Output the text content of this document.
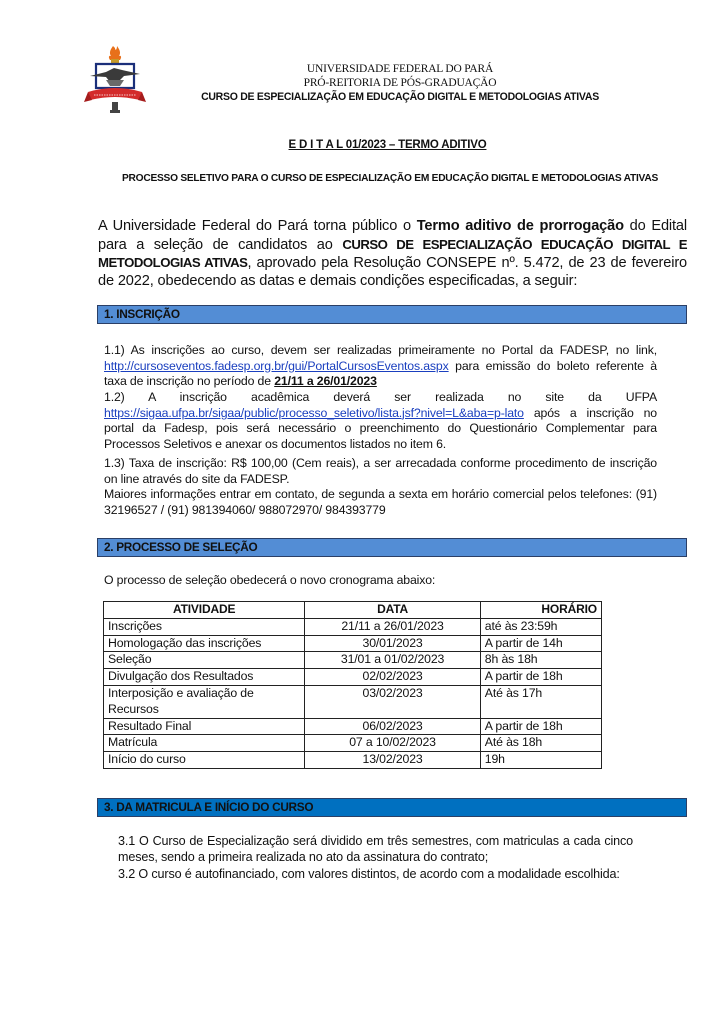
UNIVERSIDADE FEDERAL DO PARÁ
PRÓ-REITORIA DE PÓS-GRADUAÇÃO
CURSO DE ESPECIALIZAÇÃO EM EDUCAÇÃO DIGITAL E METODOLOGIAS ATIVAS
E D I T A L 01/2023 – TERMO ADITIVO
PROCESSO SELETIVO PARA O CURSO DE ESPECIALIZAÇÃO EM EDUCAÇÃO DIGITAL E METODOLOGIAS ATIVAS
A Universidade Federal do Pará torna público o Termo aditivo de prorrogação do Edital para a seleção de candidatos ao CURSO DE ESPECIALIZAÇÃO EDUCAÇÃO DIGITAL E METODOLOGIAS ATIVAS, aprovado pela Resolução CONSEPE nº. 5.472, de 23 de fevereiro de 2022, obedecendo as datas e demais condições especificadas, a seguir:
1. INSCRIÇÃO
1.1) As inscrições ao curso, devem ser realizadas primeiramente no Portal da FADESP, no link, http://cursoseventos.fadesp.org.br/gui/PortalCursosEventos.aspx para emissão do boleto referente à taxa de inscrição no período de 21/11 a 26/01/2023
1.2) A inscrição acadêmica deverá ser realizada no site da UFPA https://sigaa.ufpa.br/sigaa/public/processo_seletivo/lista.jsf?nivel=L&aba=p-lato após a inscrição no portal da Fadesp, pois será necessário o preenchimento do Questionário Complementar para Processos Seletivos e anexar os documentos listados no item 6.
1.3) Taxa de inscrição: R$ 100,00 (Cem reais), a ser arrecadada conforme procedimento de inscrição on line através do site da FADESP.
Maiores informações entrar em contato, de segunda a sexta em horário comercial pelos telefones: (91) 32196527 / (91) 981394060/ 988072970/ 984393779
2. PROCESSO DE SELEÇÃO
O processo de seleção obedecerá o novo cronograma abaixo:
ATIVIDADE	DATA	HORÁRIO
Inscrições	21/11 a 26/01/2023	até às 23:59h
Homologação das inscrições	30/01/2023	A partir de 14h
Seleção	31/01 a 01/02/2023	8h às 18h
Divulgação dos Resultados	02/02/2023	A partir de 18h
Interposição e avaliação de Recursos	03/02/2023	Até às 17h
Resultado Final	06/02/2023	A partir de 18h
Matrícula	07 a 10/02/2023	Até às 18h
Início do curso	13/02/2023	19h
3. DA MATRICULA E INÍCIO DO CURSO
3.1 O Curso de Especialização será dividido em três semestres, com matriculas a cada cinco meses, sendo a primeira realizada no ato da assinatura do contrato;
3.2 O curso é autofinanciado, com valores distintos, de acordo com a modalidade escolhida:
